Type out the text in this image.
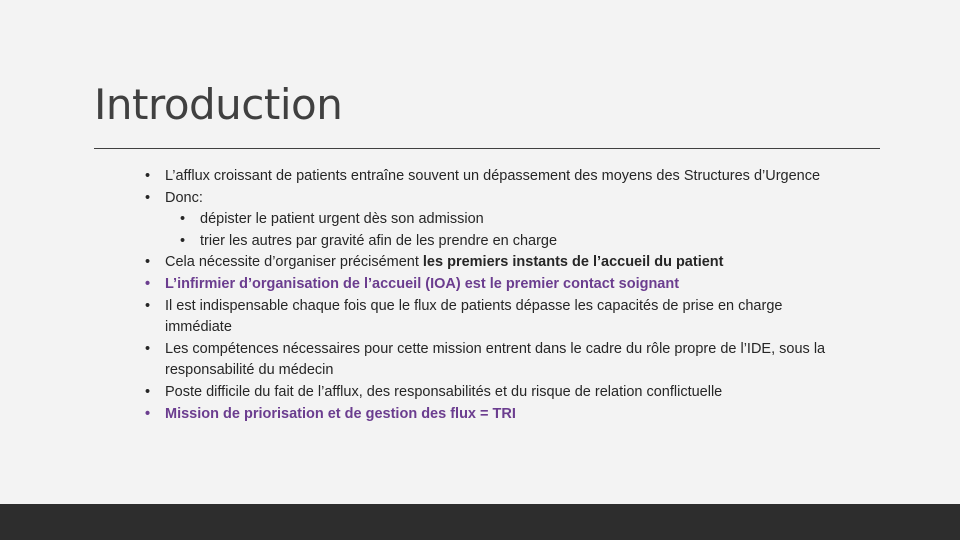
Introduction
• L’afflux croissant de patients entraîne souvent un dépassement des moyens des Structures d’Urgence
• Donc:
• dépister le patient urgent dès son admission
• trier les autres par gravité afin de les prendre en charge
• Cela nécessite d’organiser précisément les premiers instants de l’accueil du patient
• L’infirmier d’organisation de l’accueil (IOA) est le premier contact soignant
• Il est indispensable chaque fois que le flux de patients dépasse les capacités de prise en charge immédiate
• Les compétences nécessaires pour cette mission entrent dans le cadre du rôle propre de l’IDE, sous la responsabilité du médecin
• Poste difficile du fait de l’afflux, des responsabilités et du risque de relation conflictuelle
• Mission de priorisation et de gestion des flux = TRI
